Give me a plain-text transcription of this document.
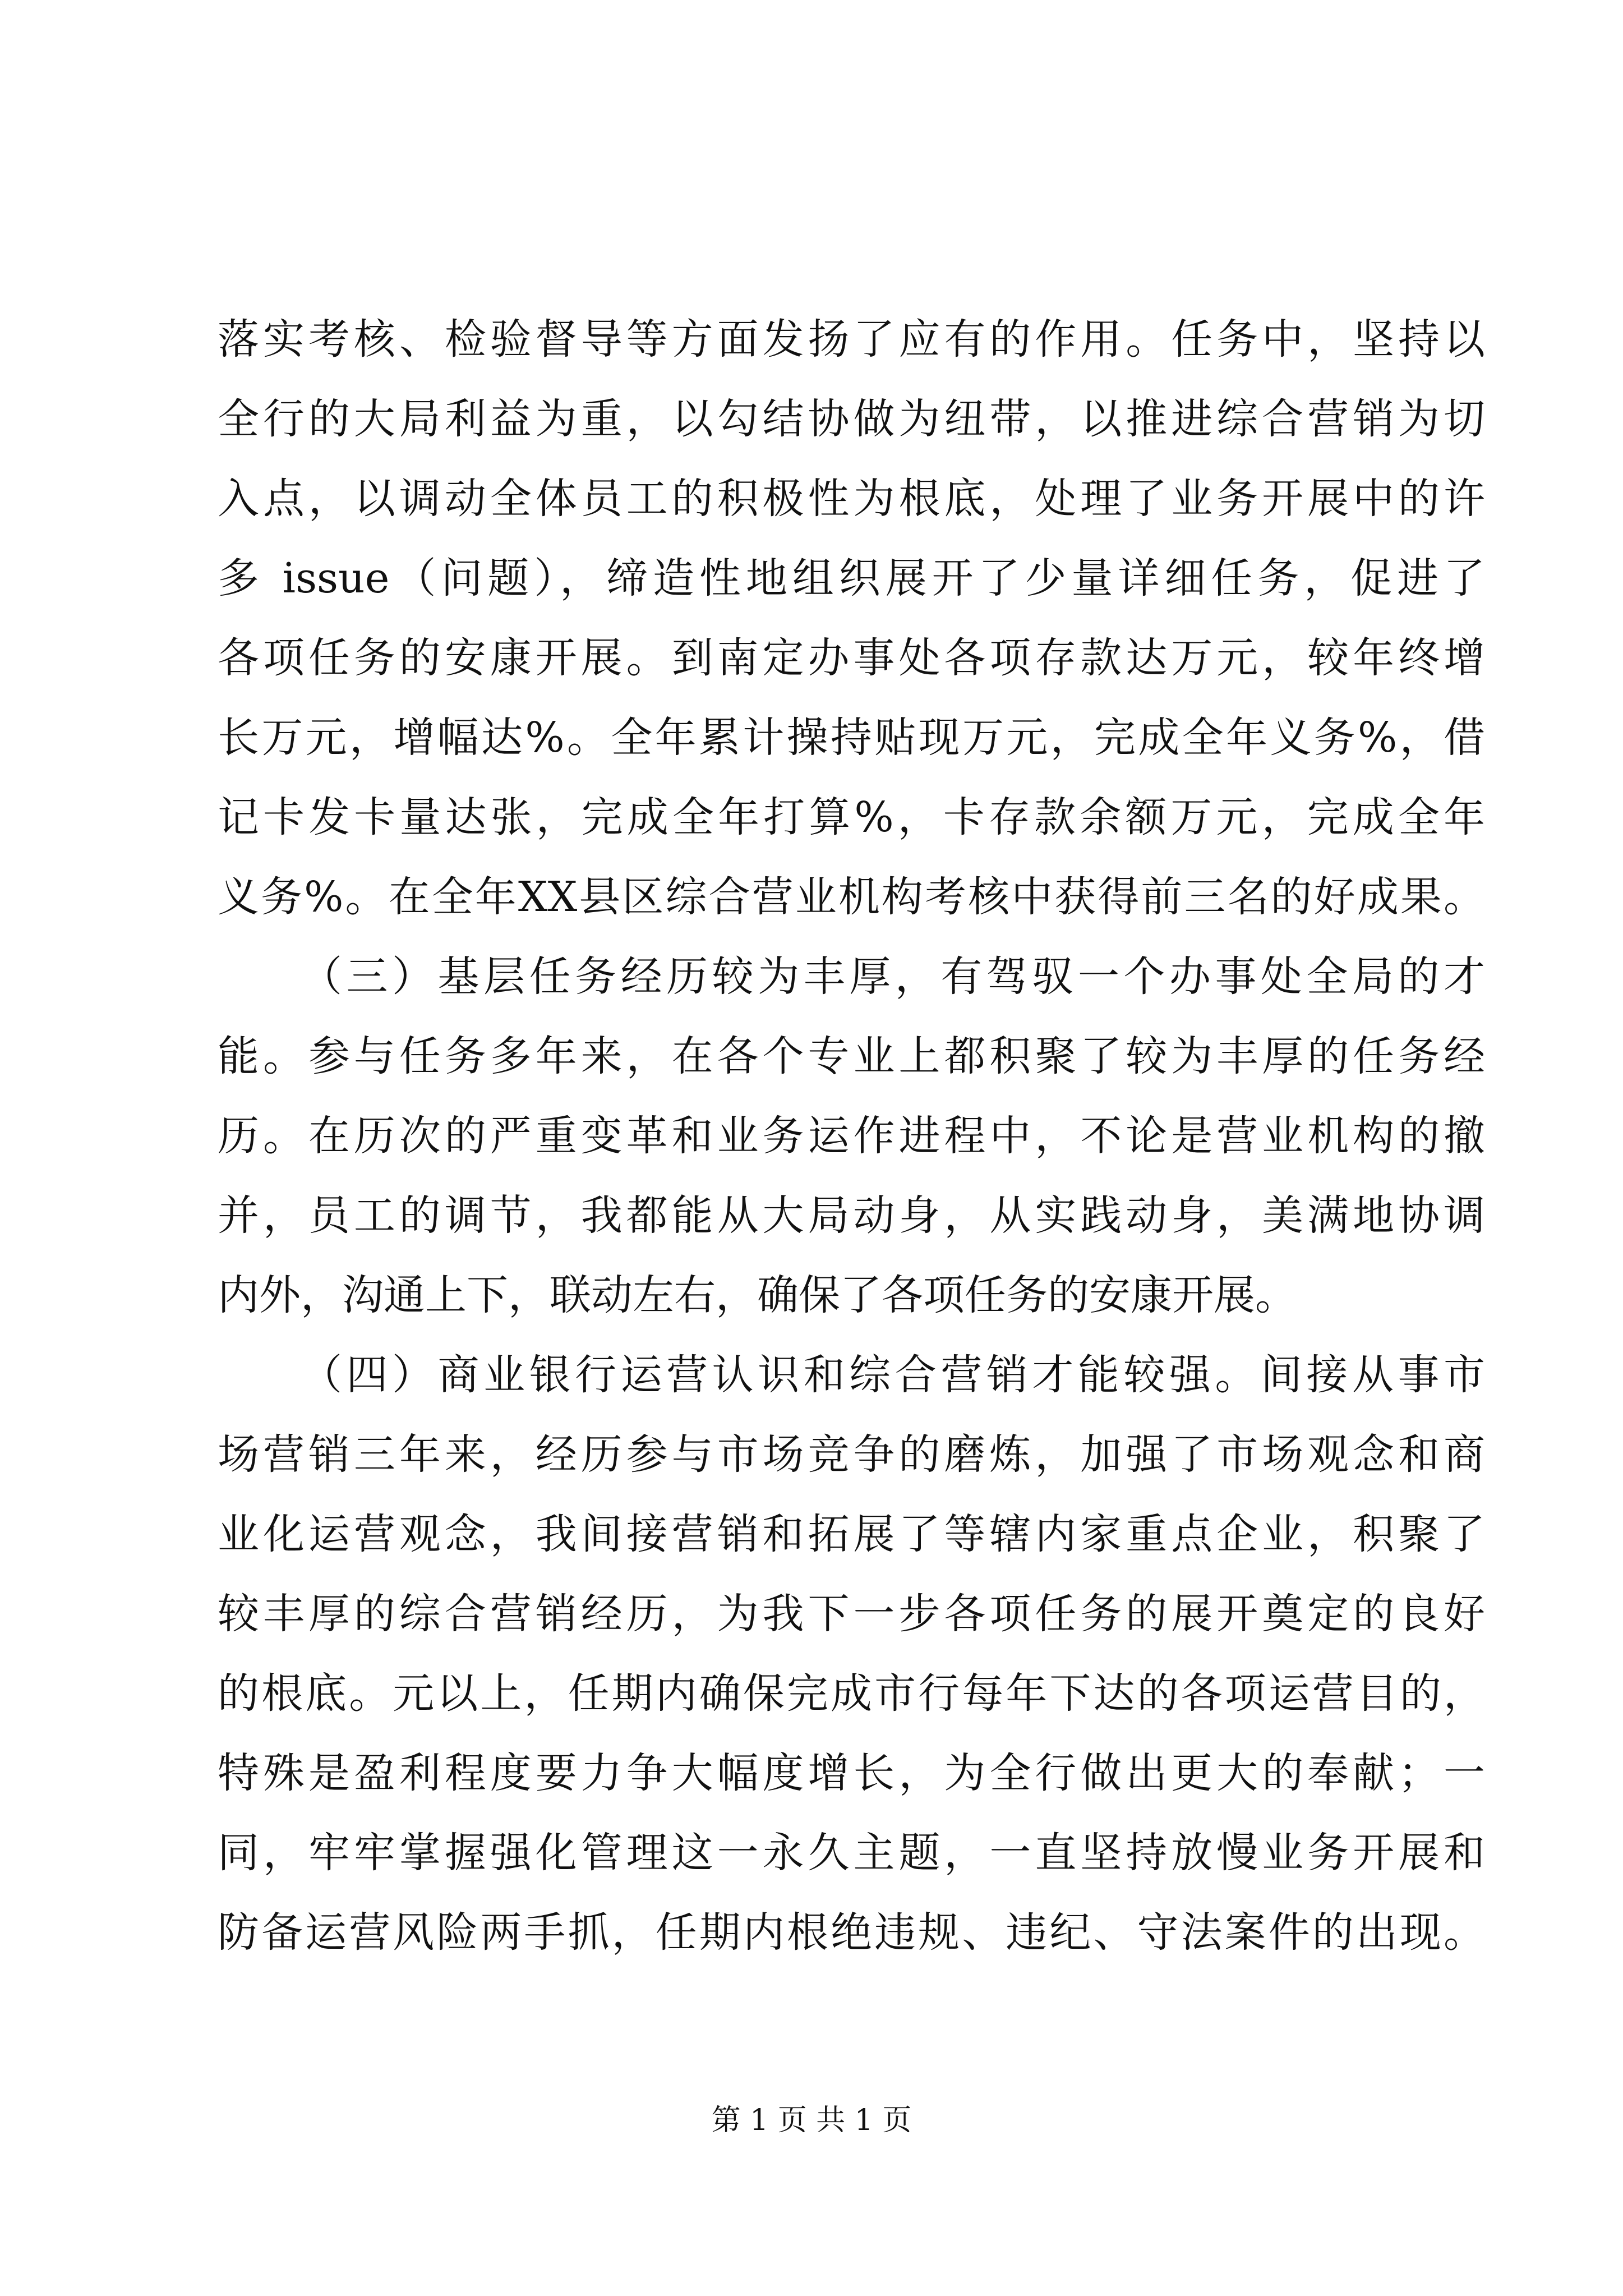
落实考核、检验督导等方面发扬了应有的作用。任务中，坚持以
全行的大局利益为重，以勾结协做为纽带，以推进综合营销为切
入点，以调动全体员工的积极性为根底，处理了业务开展中的许
多 issue（问题），缔造性地组织展开了少量详细任务，促进了
各项任务的安康开展。到南定办事处各项存款达万元，较年终增
长万元，增幅达%。全年累计操持贴现万元，完成全年义务%，借
记卡发卡量达张，完成全年打算%，卡存款余额万元，完成全年
义务%。在全年XX县区综合营业机构考核中获得前三名的好成果。
（三）基层任务经历较为丰厚，有驾驭一个办事处全局的才
能。参与任务多年来，在各个专业上都积聚了较为丰厚的任务经
历。在历次的严重变革和业务运作进程中，不论是营业机构的撤
并，员工的调节，我都能从大局动身，从实践动身，美满地协调
内外，沟通上下，联动左右，确保了各项任务的安康开展。
（四）商业银行运营认识和综合营销才能较强。间接从事市
场营销三年来，经历参与市场竞争的磨炼，加强了市场观念和商
业化运营观念，我间接营销和拓展了等辖内家重点企业，积聚了
较丰厚的综合营销经历，为我下一步各项任务的展开奠定的良好
的根底。元以上，任期内确保完成市行每年下达的各项运营目的，
特殊是盈利程度要力争大幅度增长，为全行做出更大的奉献；一
同，牢牢掌握强化管理这一永久主题，一直坚持放慢业务开展和
防备运营风险两手抓，任期内根绝违规、违纪、守法案件的出现。
第 1 页 共 1 页
